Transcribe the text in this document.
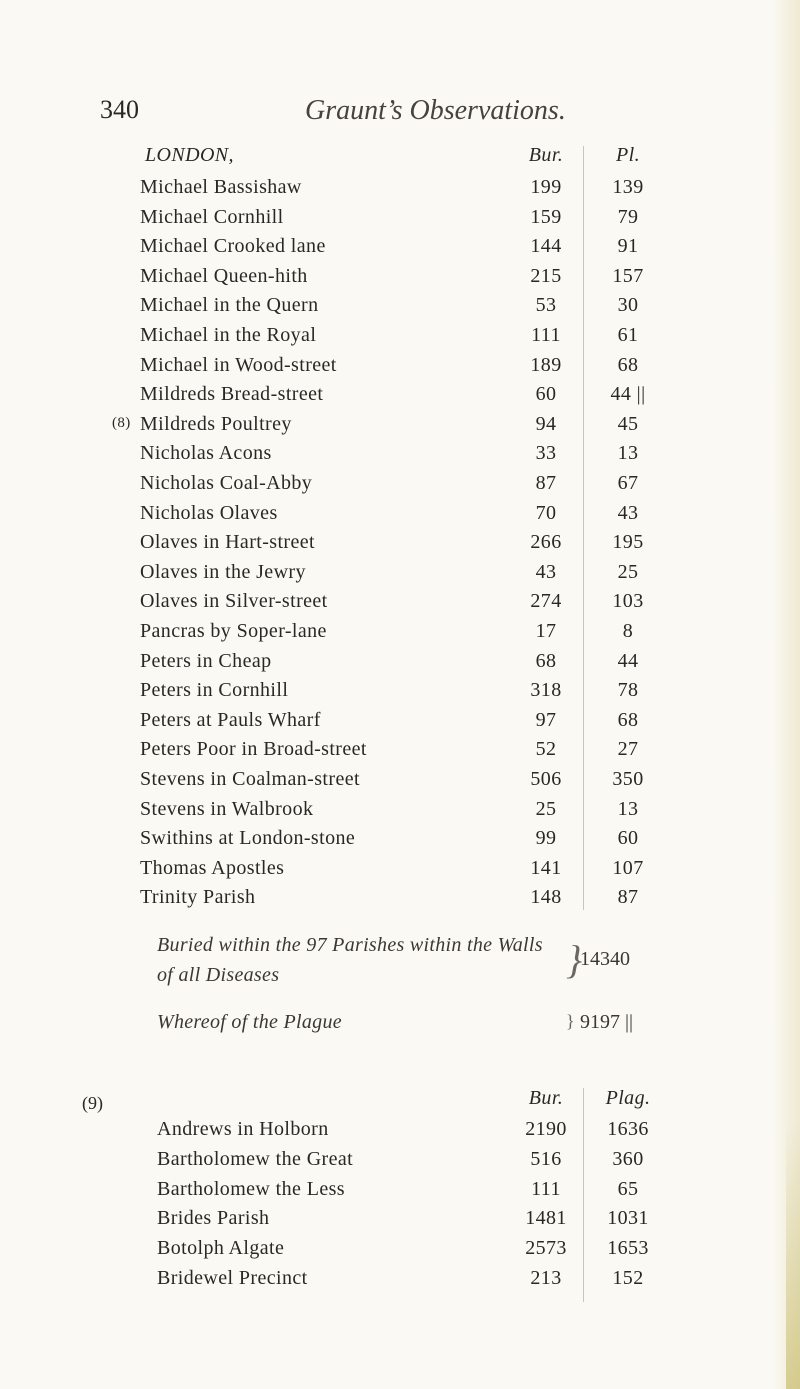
340	Graunt’s Observations.
LONDON,	Bur.	Pl.
Michael Bassishaw	199	139
Michael Cornhill	159	79
Michael Crooked lane	144	91
Michael Queen-hith	215	157
Michael in the Quern	53	30
Michael in the Royal	111	61
Michael in Wood-street	189	68
Mildreds Bread-street	60	44 ||
(8) Mildreds Poultrey	94	45
Nicholas Acons	33	13
Nicholas Coal-Abby	87	67
Nicholas Olaves	70	43
Olaves in Hart-street	266	195
Olaves in the Jewry	43	25
Olaves in Silver-street	274	103
Pancras by Soper-lane	17	8
Peters in Cheap	68	44
Peters in Cornhill	318	78
Peters at Pauls Wharf	97	68
Peters Poor in Broad-street	52	27
Stevens in Coalman-street	506	350
Stevens in Walbrook	25	13
Swithins at London-stone	99	60
Thomas Apostles	141	107
Trinity Parish	148	87
Buried within the 97 Parishes within the Walls
of all Diseases	}
14340
Whereof of the Plague	} 9197 ||
(9)	Bur.	Plag.
Andrews in Holborn	2190	1636
Bartholomew the Great	516	360
Bartholomew the Less	111	65
Brides Parish	1481	1031
Botolph Algate	2573	1653
Bridewel Precinct	213	152
